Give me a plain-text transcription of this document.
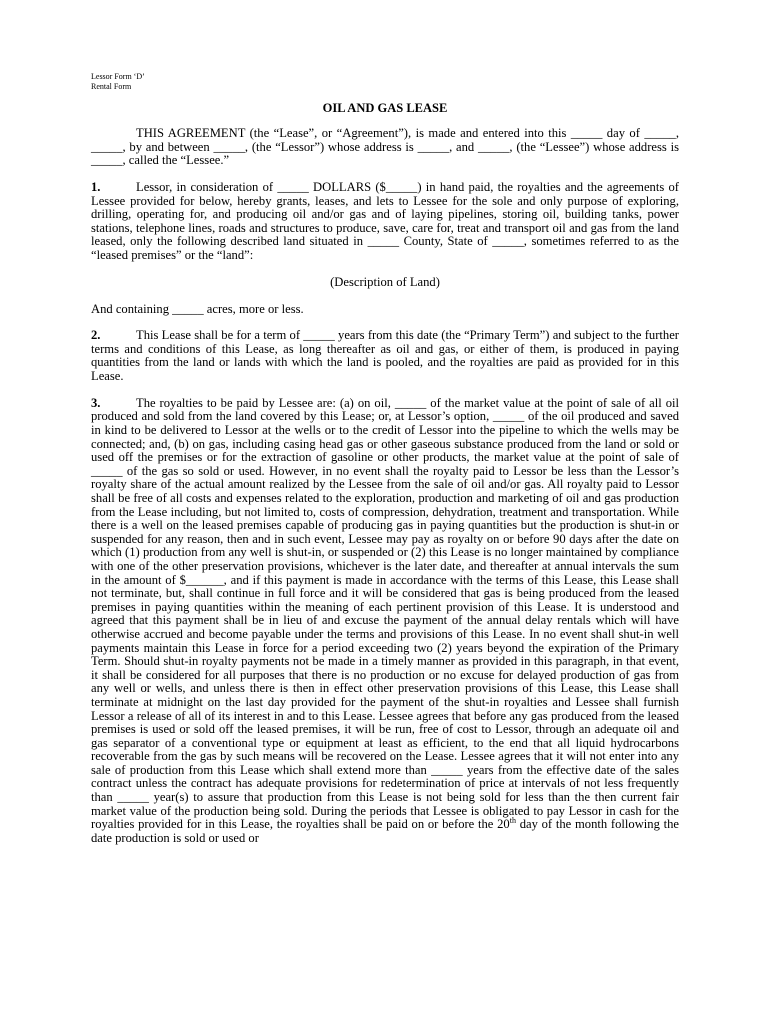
Lessor Form ‘D’
Rental Form
OIL AND GAS LEASE

THIS AGREEMENT (the “Lease”, or “Agreement”), is made and entered into this _____ day of _____, _____, by and between _____, (the “Lessor”) whose address is _____, and _____, (the “Lessee”) whose address is _____, called the “Lessee.”

1.	Lessor, in consideration of _____ DOLLARS ($_____) in hand paid, the royalties and the agreements of Lessee provided for below, hereby grants, leases, and lets to Lessee for the sole and only purpose of exploring, drilling, operating for, and producing oil and/or gas and of laying pipelines, storing oil, building tanks, power stations, telephone lines, roads and structures to produce, save, care for, treat and transport oil and gas from the land leased, only the following described land situated in _____ County, State of _____, sometimes referred to as the “leased premises” or the “land”:

(Description of Land)

And containing _____ acres, more or less.

2.	This Lease shall be for a term of _____ years from this date (the “Primary Term”) and subject to the further terms and conditions of this Lease, as long thereafter as oil and gas, or either of them, is produced in paying quantities from the land or lands with which the land is pooled, and the royalties are paid as provided for in this Lease.

3.	The royalties to be paid by Lessee are: (a) on oil, _____ of the market value at the point of sale of all oil produced and sold from the land covered by this Lease; or, at Lessor’s option, _____ of the oil produced and saved in kind to be delivered to Lessor at the wells or to the credit of Lessor into the pipeline to which the wells may be connected; and, (b) on gas, including casing head gas or other gaseous substance produced from the land or sold or used off the premises or for the extraction of gasoline or other products, the market value at the point of sale of _____ of the gas so sold or used. However, in no event shall the royalty paid to Lessor be less than the Lessor’s royalty share of the actual amount realized by the Lessee from the sale of oil and/or gas. All royalty paid to Lessor shall be free of all costs and expenses related to the exploration, production and marketing of oil and gas production from the Lease including, but not limited to, costs of compression, dehydration, treatment and transportation. While there is a well on the leased premises capable of producing gas in paying quantities but the production is shut-in or suspended for any reason, then and in such event, Lessee may pay as royalty on or before 90 days after the date on which (1) production from any well is shut-in, or suspended or (2) this Lease is no longer maintained by compliance with one of the other preservation provisions, whichever is the later date, and thereafter at annual intervals the sum in the amount of $______, and if this payment is made in accordance with the terms of this Lease, this Lease shall not terminate, but, shall continue in full force and it will be considered that gas is being produced from the leased premises in paying quantities within the meaning of each pertinent provision of this Lease. It is understood and agreed that this payment shall be in lieu of and excuse the payment of the annual delay rentals which will have otherwise accrued and become payable under the terms and provisions of this Lease. In no event shall shut-in well payments maintain this Lease in force for a period exceeding two (2) years beyond the expiration of the Primary Term. Should shut-in royalty payments not be made in a timely manner as provided in this paragraph, in that event, it shall be considered for all purposes that there is no production or no excuse for delayed production of gas from any well or wells, and unless there is then in effect other preservation provisions of this Lease, this Lease shall terminate at midnight on the last day provided for the payment of the shut-in royalties and Lessee shall furnish Lessor a release of all of its interest in and to this Lease. Lessee agrees that before any gas produced from the leased premises is used or sold off the leased premises, it will be run, free of cost to Lessor, through an adequate oil and gas separator of a conventional type or equipment at least as efficient, to the end that all liquid hydrocarbons recoverable from the gas by such means will be recovered on the Lease. Lessee agrees that it will not enter into any sale of production from this Lease which shall extend more than _____ years from the effective date of the sales contract unless the contract has adequate provisions for redetermination of price at intervals of not less frequently than _____ year(s) to assure that production from this Lease is not being sold for less than the then current fair market value of the production being sold. During the periods that Lessee is obligated to pay Lessor in cash for the royalties provided for in this Lease, the royalties shall be paid on or before the 20th day of the month following the date production is sold or used or
